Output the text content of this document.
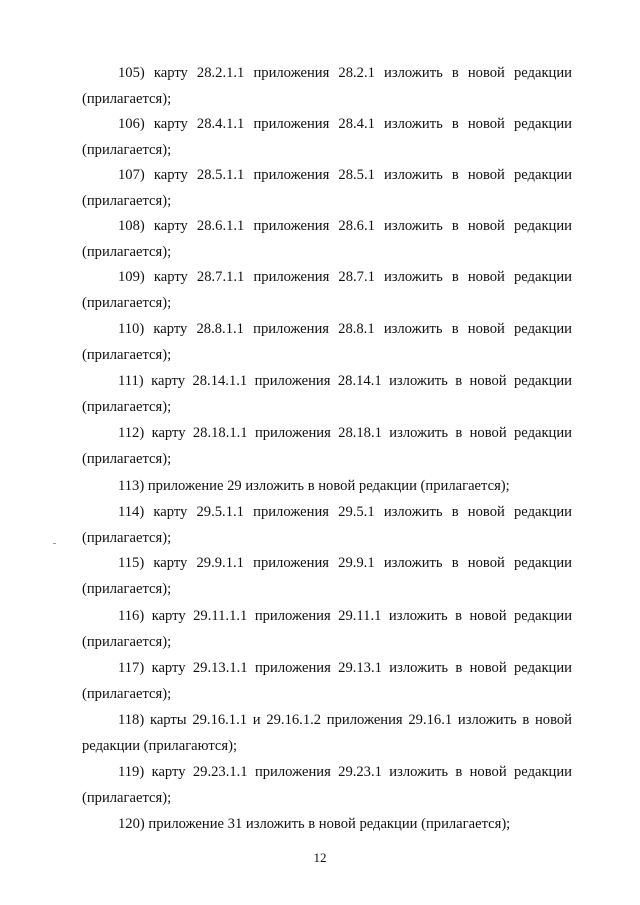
105) карту 28.2.1.1 приложения 28.2.1 изложить в новой редакции
(прилагается);

106) карту 28.4.1.1 приложения 28.4.1 изложить в новой редакции
(прилагается);

107) карту 28.5.1.1 приложения 28.5.1 изложить в новой редакции
(прилагается);

108) карту 28.6.1.1 приложения 28.6.1 изложить в новой редакции
(прилагается);

109) карту 28.7.1.1 приложения 28.7.1 изложить в новой редакции
(прилагается);

110) карту 28.8.1.1 приложения 28.8.1 изложить в новой редакции
(прилагается);

111) карту 28.14.1.1 приложения 28.14.1 изложить в новой редакции
(прилагается);

112) карту 28.18.1.1 приложения 28.18.1 изложить в новой редакции
(прилагается);

113) приложение 29 изложить в новой редакции (прилагается);

114) карту 29.5.1.1 приложения 29.5.1 изложить в новой редакции
(прилагается);

115) карту 29.9.1.1 приложения 29.9.1 изложить в новой редакции
(прилагается);

116) карту 29.11.1.1 приложения 29.11.1 изложить в новой редакции
(прилагается);

117) карту 29.13.1.1 приложения 29.13.1 изложить в новой редакции
(прилагается);

118) карты 29.16.1.1 и 29.16.1.2 приложения 29.16.1 изложить в новой
редакции (прилагаются);

119) карту 29.23.1.1 приложения 29.23.1 изложить в новой редакции
(прилагается);

120) приложение 31 изложить в новой редакции (прилагается);

12
